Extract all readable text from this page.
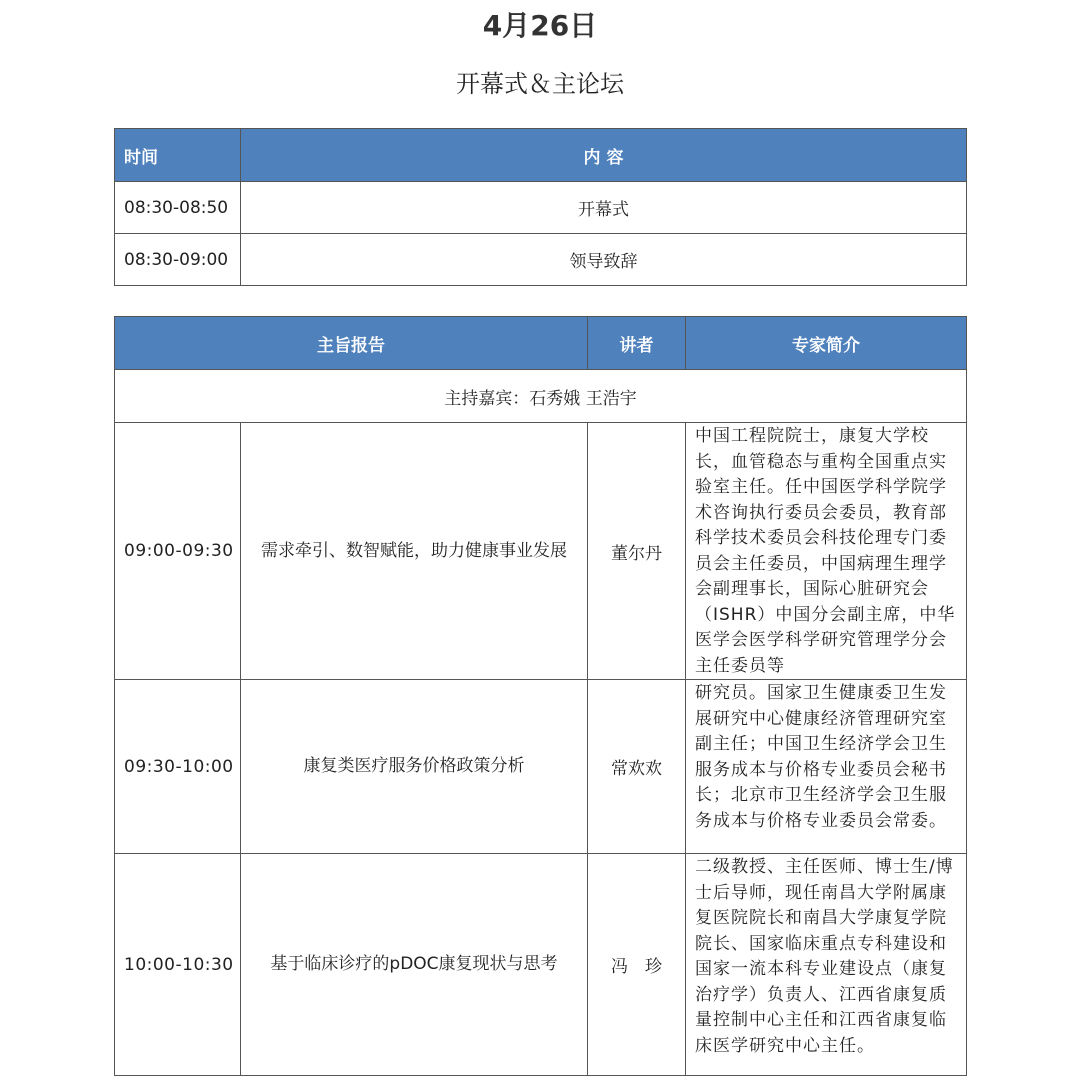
4月26日
开幕式＆主论坛
时间	内 容
08:30-08:50	开幕式
08:30-09:00	领导致辞
主旨报告		讲者	专家简介
主持嘉宾：石秀娥 王浩宇			
09:00-09:30	需求牵引、数智赋能，助力健康事业发展	董尔丹	中国工程院院士，康复大学校长，血管稳态与重构全国重点实验室主任。任中国医学科学院学术咨询执行委员会委员，教育部科学技术委员会科技伦理专门委员会主任委员，中国病理生理学会副理事长，国际心脏研究会（ISHR）中国分会副主席，中华医学会医学科学研究管理学分会主任委员等
09:30-10:00	康复类医疗服务价格政策分析	常欢欢	研究员。国家卫生健康委卫生发展研究中心健康经济管理研究室副主任；中国卫生经济学会卫生服务成本与价格专业委员会秘书长；北京市卫生经济学会卫生服务成本与价格专业委员会常委。
10:00-10:30	基于临床诊疗的pDOC康复现状与思考	冯　珍	二级教授、主任医师、博士生/博士后导师，现任南昌大学附属康复医院院长和南昌大学康复学院院长、国家临床重点专科建设和国家一流本科专业建设点（康复治疗学）负责人、江西省康复质量控制中心主任和江西省康复临床医学研究中心主任。
